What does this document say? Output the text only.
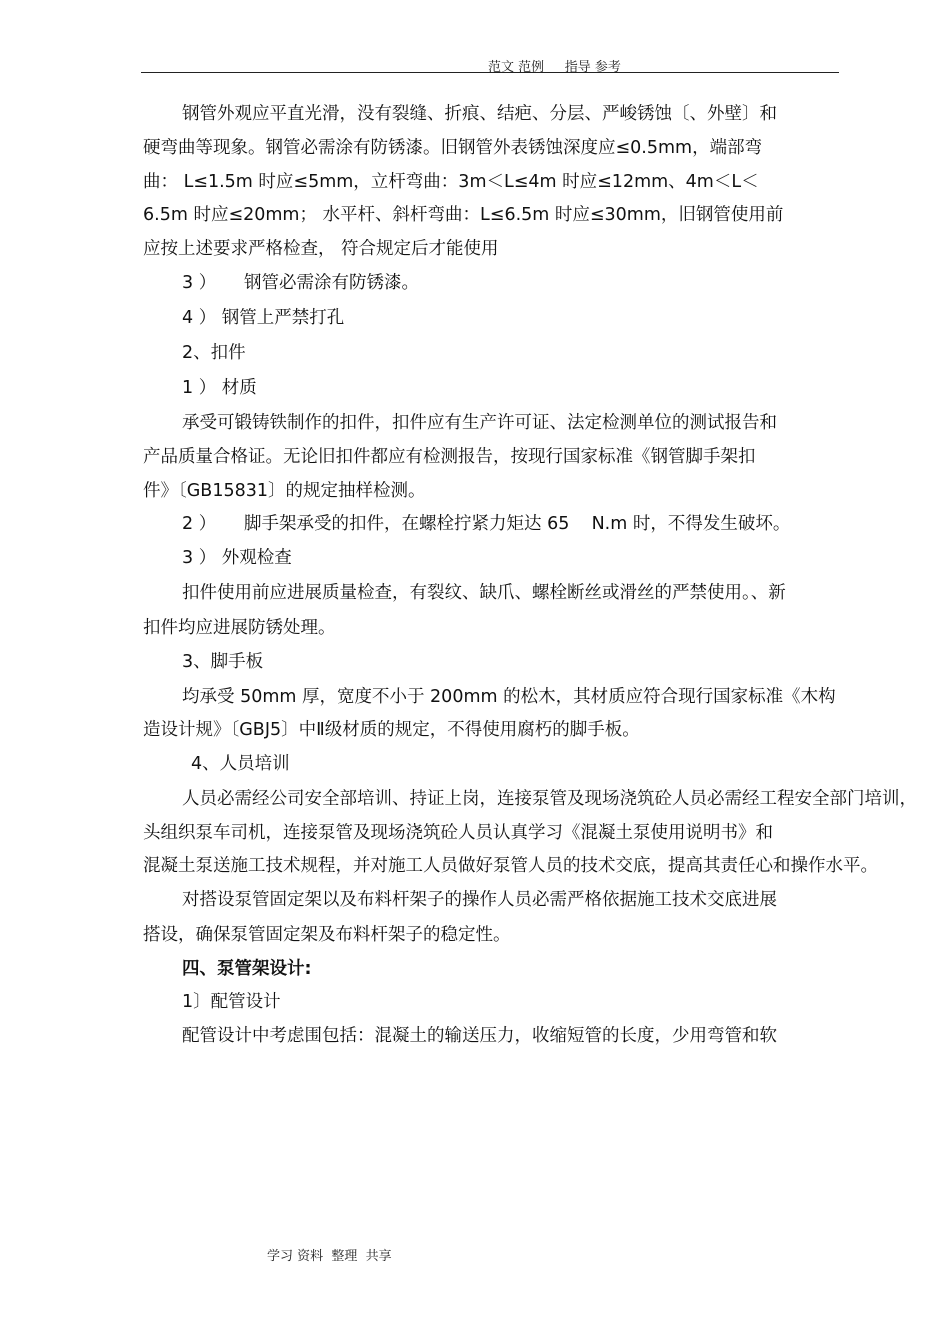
范文 范例     指导 参考
钢管外观应平直光滑，没有裂缝、折痕、结疤、分层、严峻锈蚀〔、外壁〕和
硬弯曲等现象。钢管必需涂有防锈漆。旧钢管外表锈蚀深度应≤0.5mm，端部弯
曲： L≤1.5m 时应≤5mm，立杆弯曲：3m＜L≤4m 时应≤12mm、4m＜L＜
6.5m 时应≤20mm； 水平杆、斜杆弯曲：L≤6.5m 时应≤30mm，旧钢管使用前
应按上述要求严格检查， 符合规定后才能使用
3 ）     钢管必需涂有防锈漆。
4 ） 钢管上严禁打孔
2、扣件
1 ） 材质
承受可锻铸铁制作的扣件，扣件应有生产许可证、法定检测单位的测试报告和
产品质量合格证。无论旧扣件都应有检测报告，按现行国家标准《钢管脚手架扣
件》〔GB15831〕的规定抽样检测。
2 ）     脚手架承受的扣件，在螺栓拧紧力矩达 65    N.m 时，不得发生破坏。
3 ） 外观检查
扣件使用前应进展质量检查，有裂纹、缺爪、螺栓断丝或滑丝的严禁使用。、新
扣件均应进展防锈处理。
3、脚手板
均承受 50mm 厚，宽度不小于 200mm 的松木，其材质应符合现行国家标准《木构
造设计规》〔GBJ5〕中Ⅱ级材质的规定，不得使用腐朽的脚手板。
4、人员培训
人员必需经公司安全部培训、持证上岗，连接泵管及现场浇筑砼人员必需经工程安全部门培训，
头组织泵车司机，连接泵管及现场浇筑砼人员认真学习《混凝土泵使用说明书》和
混凝土泵送施工技术规程，并对施工人员做好泵管人员的技术交底，提高其责任心和操作水平。
对搭设泵管固定架以及布料杆架子的操作人员必需严格依据施工技术交底进展
搭设，确保泵管固定架及布料杆架子的稳定性。
四、泵管架设计:
1〕配管设计
配管设计中考虑围包括：混凝土的输送压力，收缩短管的长度，少用弯管和软
学习 资料  整理  共享
